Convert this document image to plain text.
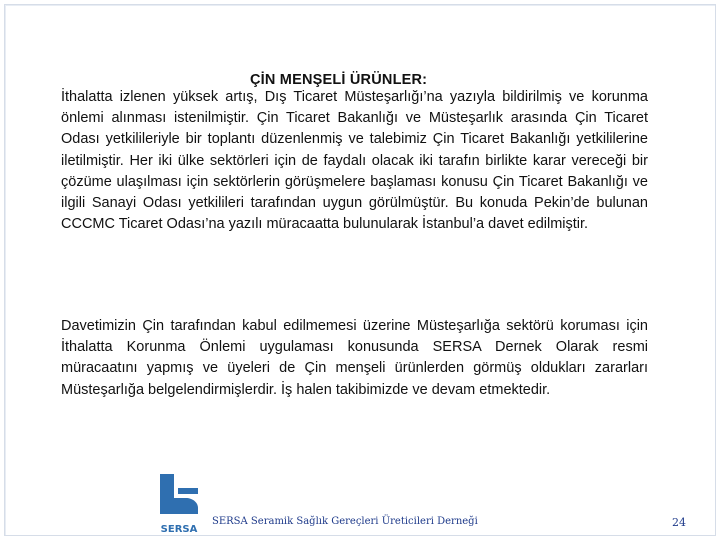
ÇİN MENŞELİ ÜRÜNLER:

İthalatta izlenen yüksek artış, Dış Ticaret Müsteşarlığı’na yazıyla bildirilmiş ve korunma önlemi alınması istenilmiştir. Çin Ticaret Bakanlığı ve Müsteşarlık arasında Çin Ticaret Odası yetkilileriyle bir toplantı düzenlenmiş ve talebimiz Çin Ticaret Bakanlığı yetkililerine iletilmiştir. Her iki ülke sektörleri için de faydalı olacak iki tarafın birlikte karar vereceği bir çözüme ulaşılması için sektörlerin görüşmelere başlaması konusu Çin Ticaret Bakanlığı ve ilgili Sanayi Odası yetkilileri tarafından uygun görülmüştür. Bu konuda Pekin’de bulunan CCCMC Ticaret Odası’na yazılı müracaatta bulunularak İstanbul’a davet edilmiştir.

Davetimizin Çin tarafından kabul edilmemesi üzerine Müsteşarlığa sektörü koruması için İthalatta Korunma Önlemi uygulaması konusunda SERSA Dernek Olarak resmi müracaatını yapmış ve üyeleri de Çin menşeli ürünlerden görmüş oldukları zararları Müsteşarlığa belgelendirmişlerdir. İş halen takibimizde ve devam etmektedir.

SERSA
SERSA Seramik Sağlık Gereçleri Üreticileri Derneği	24
